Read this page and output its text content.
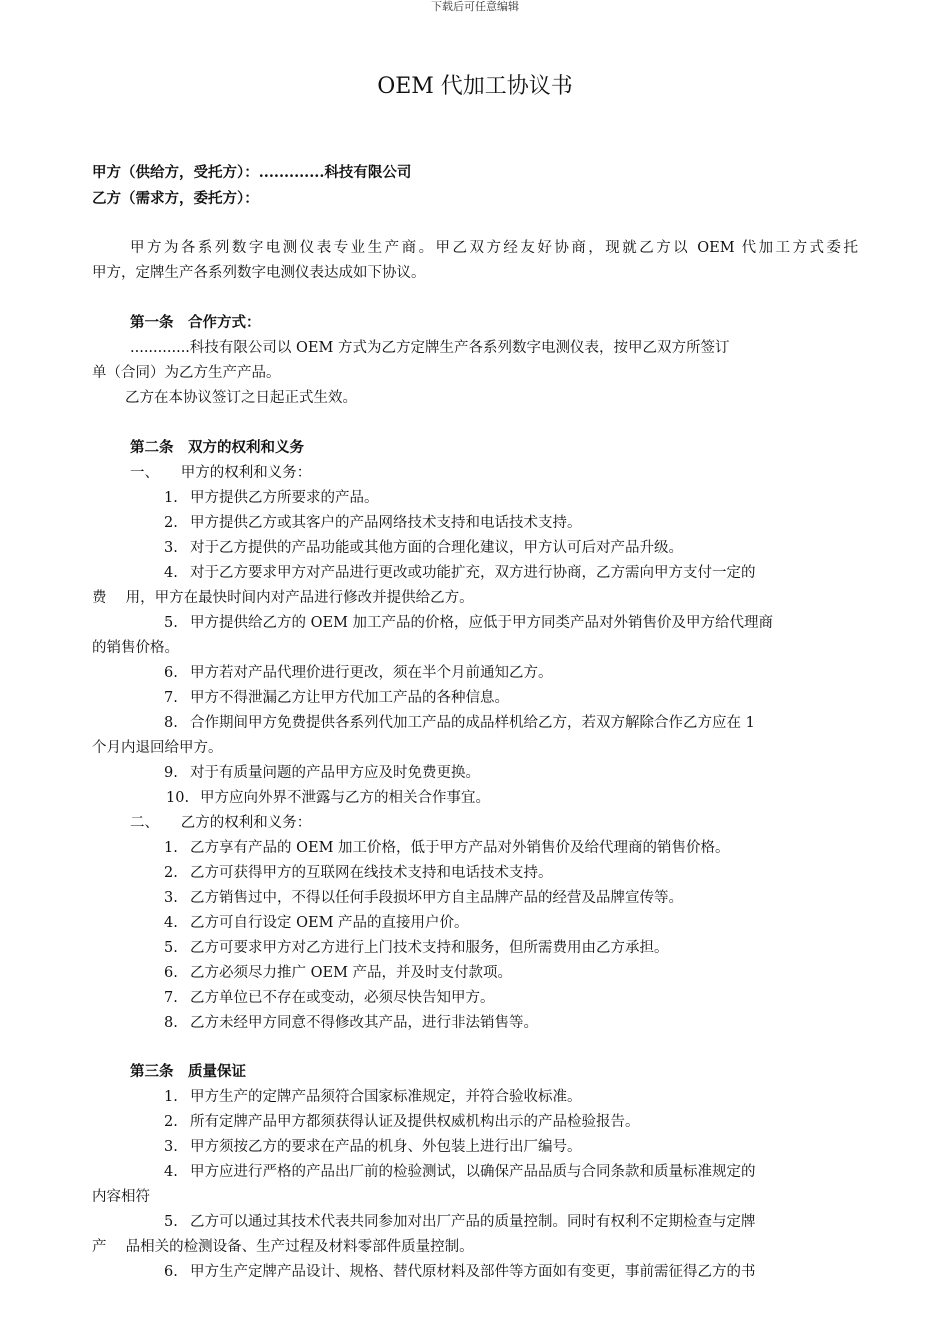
下载后可任意编辑
OEM 代加工协议书
甲方（供给方，受托方）：.............科技有限公司
乙方（需求方，委托方）：
甲方为各系列数字电测仪表专业生产商。甲乙双方经友好协商，现就乙方以 OEM 代加工方式委托
甲方，定牌生产各系列数字电测仪表达成如下协议。
第一条　合作方式：
.............科技有限公司以 OEM 方式为乙方定牌生产各系列数字电测仪表，按甲乙双方所签订
单（合同）为乙方生产产品。
乙方在本协议签订之日起正式生效。
第二条　双方的权利和义务
一、　　甲方的权利和义务：
1. 甲方提供乙方所要求的产品。
2. 甲方提供乙方或其客户的产品网络技术支持和电话技术支持。
3. 对于乙方提供的产品功能或其他方面的合理化建议，甲方认可后对产品升级。
4. 对于乙方要求甲方对产品进行更改或功能扩充，双方进行协商，乙方需向甲方支付一定的
费　 用，甲方在最快时间内对产品进行修改并提供给乙方。
5. 甲方提供给乙方的 OEM 加工产品的价格，应低于甲方同类产品对外销售价及甲方给代理商
的销售价格。
6. 甲方若对产品代理价进行更改，须在半个月前通知乙方。
7. 甲方不得泄漏乙方让甲方代加工产品的各种信息。
8. 合作期间甲方免费提供各系列代加工产品的成品样机给乙方，若双方解除合作乙方应在 1
个月内退回给甲方。
9. 对于有质量问题的产品甲方应及时免费更换。
10. 甲方应向外界不泄露与乙方的相关合作事宜。
二、　　乙方的权利和义务：
1. 乙方享有产品的 OEM 加工价格，低于甲方产品对外销售价及给代理商的销售价格。
2. 乙方可获得甲方的互联网在线技术支持和电话技术支持。
3. 乙方销售过中，不得以任何手段损坏甲方自主品牌产品的经营及品牌宣传等。
4. 乙方可自行设定 OEM 产品的直接用户价。
5. 乙方可要求甲方对乙方进行上门技术支持和服务，但所需费用由乙方承担。
6. 乙方必须尽力推广 OEM 产品，并及时支付款项。
7. 乙方单位已不存在或变动，必须尽快告知甲方。
8. 乙方未经甲方同意不得修改其产品，进行非法销售等。
第三条　质量保证
1. 甲方生产的定牌产品须符合国家标准规定，并符合验收标准。
2. 所有定牌产品甲方都须获得认证及提供权威机构出示的产品检验报告。
3. 甲方须按乙方的要求在产品的机身、外包装上进行出厂编号。
4. 甲方应进行严格的产品出厂前的检验测试，以确保产品品质与合同条款和质量标准规定的
内容相符
5. 乙方可以通过其技术代表共同参加对出厂产品的质量控制。同时有权利不定期检查与定牌
产　 品相关的检测设备、生产过程及材料零部件质量控制。
6. 甲方生产定牌产品设计、规格、替代原材料及部件等方面如有变更，事前需征得乙方的书
